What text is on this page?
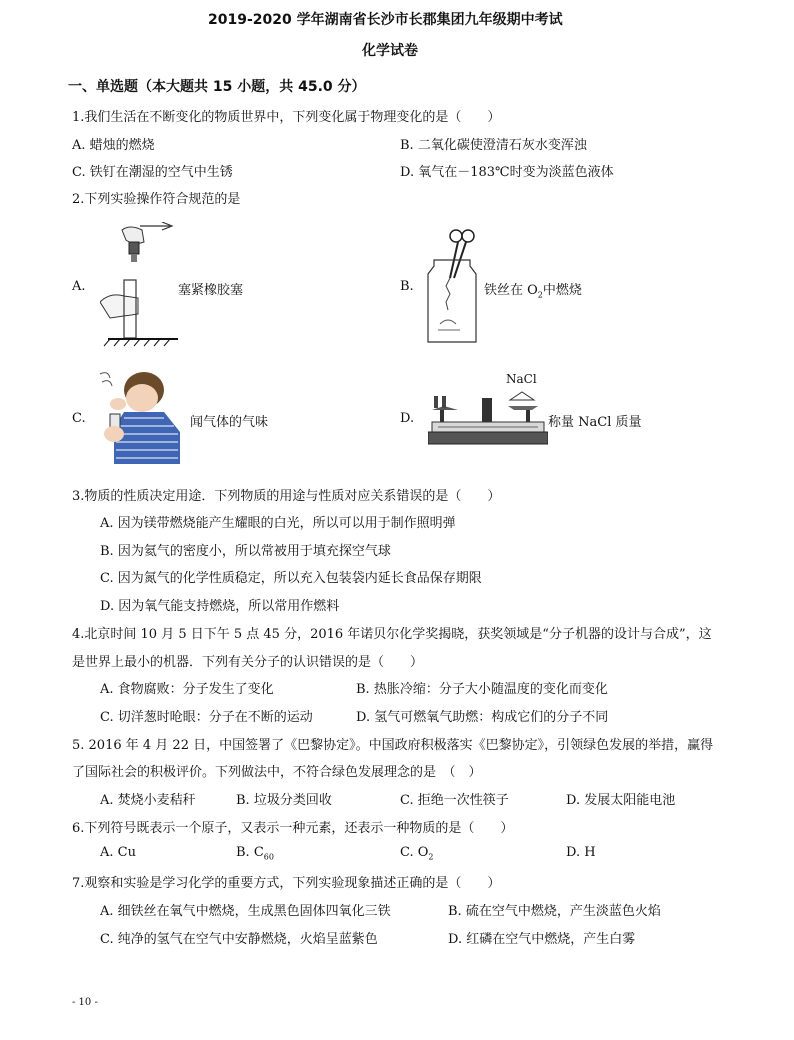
2019-2020 学年湖南省长沙市长郡集团九年级期中考试
化学试卷
一、单选题（本大题共 15 小题，共 45.0 分）
1.我们生活在不断变化的物质世界中，下列变化属于物理变化的是（　　）
A. 蜡烛的燃烧	B. 二氧化碳使澄清石灰水变浑浊
C. 铁钉在潮湿的空气中生锈	D. 氧气在－183℃时变为淡蓝色液体
2.下列实验操作符合规范的是
A.	塞紧橡胶塞	B.	铁丝在 $O_2$中燃烧
C.	闻气体的气味	D.
NaCl
称量 NaCl 质量
3.物质的性质决定用途．下列物质的用途与性质对应关系错误的是（　　）
A. 因为镁带燃烧能产生耀眼的白光，所以可以用于制作照明弹
B. 因为氦气的密度小，所以常被用于填充探空气球
C. 因为氮气的化学性质稳定，所以充入包装袋内延长食品保存期限
D. 因为氧气能支持燃烧，所以常用作燃料
4.北京时间 10 月 5 日下午 5 点 45 分，2016 年诺贝尔化学奖揭晓，获奖领域是“分子机器的设计与合成”，这
是世界上最小的机器．下列有关分子的认识错误的是（　　）
A. 食物腐败：分子发生了变化	B. 热胀冷缩：分子大小随温度的变化而变化
C. 切洋葱时呛眼：分子在不断的运动	D. 氢气可燃氧气助燃：构成它们的分子不同
5. 2016 年 4 月 22 日，中国签署了《巴黎协定》。中国政府积极落实《巴黎协定》，引领绿色发展的举措，赢得
了国际社会的积极评价。下列做法中，不符合绿色发展理念的是　（　）
A. 焚烧小麦秸秆	B. 垃圾分类回收	C. 拒绝一次性筷子	D. 发展太阳能电池
6.下列符号既表示一个原子，又表示一种元素，还表示一种物质的是（　　）
A. Cu	B. $C_{60}$	C. $O_2$	D. H
7.观察和实验是学习化学的重要方式，下列实验现象描述正确的是（　　）
A. 细铁丝在氧气中燃烧，生成黑色固体四氧化三铁	B. 硫在空气中燃烧，产生淡蓝色火焰
C. 纯净的氢气在空气中安静燃烧，火焰呈蓝紫色	D. 红磷在空气中燃烧，产生白雾
- 10 -
